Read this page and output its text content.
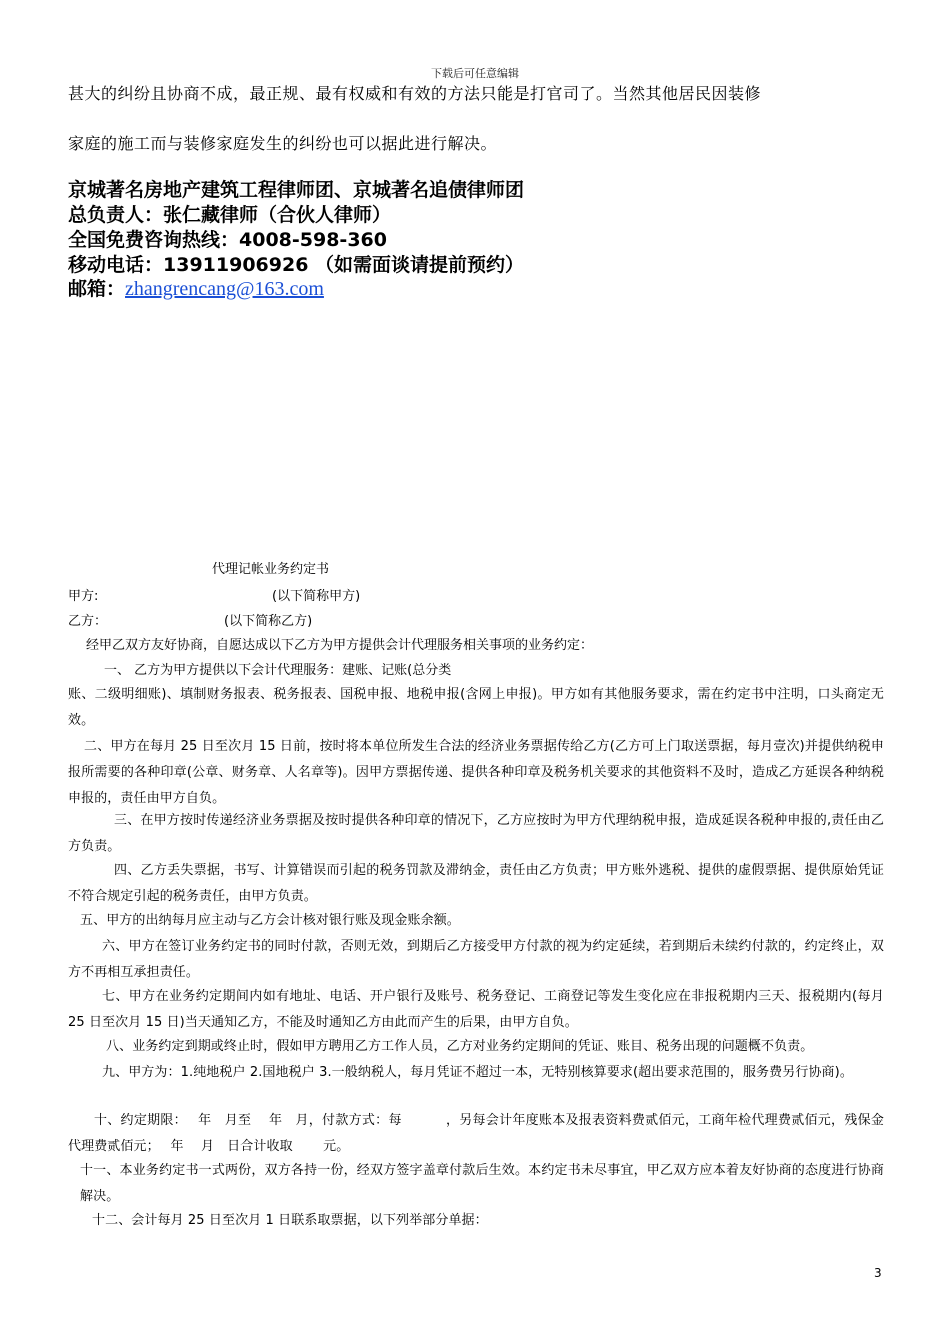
下载后可任意编辑
甚大的纠纷且协商不成，最正规、最有权威和有效的方法只能是打官司了。当然其他居民因装修
家庭的施工而与装修家庭发生的纠纷也可以据此进行解决。
京城著名房地产建筑工程律师团、京城著名追债律师团
总负责人：张仁藏律师（合伙人律师）
全国免费咨询热线：4008-598-360
移动电话：13911906926 （如需面谈请提前预约）
邮箱：zhangrencang@163.com
代理记帐业务约定书
甲方:	(以下简称甲方)
乙方：	(以下简称乙方)
经甲乙双方友好协商，自愿达成以下乙方为甲方提供会计代理服务相关事项的业务约定：
一、 乙方为甲方提供以下会计代理服务：建账、记账(总分类
账、二级明细账)、填制财务报表、税务报表、国税申报、地税申报(含网上申报)。甲方如有其他服务要求，需在约定书中注明，口头商定无效。
二、甲方在每月 25 日至次月 15 日前，按时将本单位所发生合法的经济业务票据传给乙方(乙方可上门取送票据，每月壹次)并提供纳税申报所需要的各种印章(公章、财务章、人名章等)。因甲方票据传递、提供各种印章及税务机关要求的其他资料不及时，造成乙方延误各种纳税申报的，责任由甲方自负。
三、在甲方按时传递经济业务票据及按时提供各种印章的情况下，乙方应按时为甲方代理纳税申报，造成延误各税种申报的,责任由乙方负责。
四、乙方丢失票据，书写、计算错误而引起的税务罚款及滞纳金，责任由乙方负责；甲方账外逃税、提供的虚假票据、提供原始凭证不符合规定引起的税务责任，由甲方负责。
五、甲方的出纳每月应主动与乙方会计核对银行账及现金账余额。
六、甲方在签订业务约定书的同时付款，否则无效，到期后乙方接受甲方付款的视为约定延续，若到期后未续约付款的，约定终止，双方不再相互承担责任。
七、甲方在业务约定期间内如有地址、电话、开户银行及账号、税务登记、工商登记等发生变化应在非报税期内三天、报税期内(每月 25 日至次月 15 日)当天通知乙方，不能及时通知乙方由此而产生的后果，由甲方自负。
八、业务约定到期或终止时，假如甲方聘用乙方工作人员，乙方对业务约定期间的凭证、账目、税务出现的问题概不负责。
九、甲方为：1.纯地税户 2.国地税户 3.一般纳税人，每月凭证不超过一本，无特别核算要求(超出要求范围的，服务费另行协商)。
十、约定期限：　 年　月至　 年　月，付款方式：每　　　 ，另每会计年度账本及报表资料费贰佰元，工商年检代理费贰佰元，残保金代理费贰佰元；　 年　 月　日合计收取　　 元。
十一、本业务约定书一式两份，双方各持一份，经双方签字盖章付款后生效。本约定书未尽事宜，甲乙双方应本着友好协商的态度进行协商解决。
十二、会计每月 25 日至次月 1 日联系取票据，以下列举部分单据：
3
